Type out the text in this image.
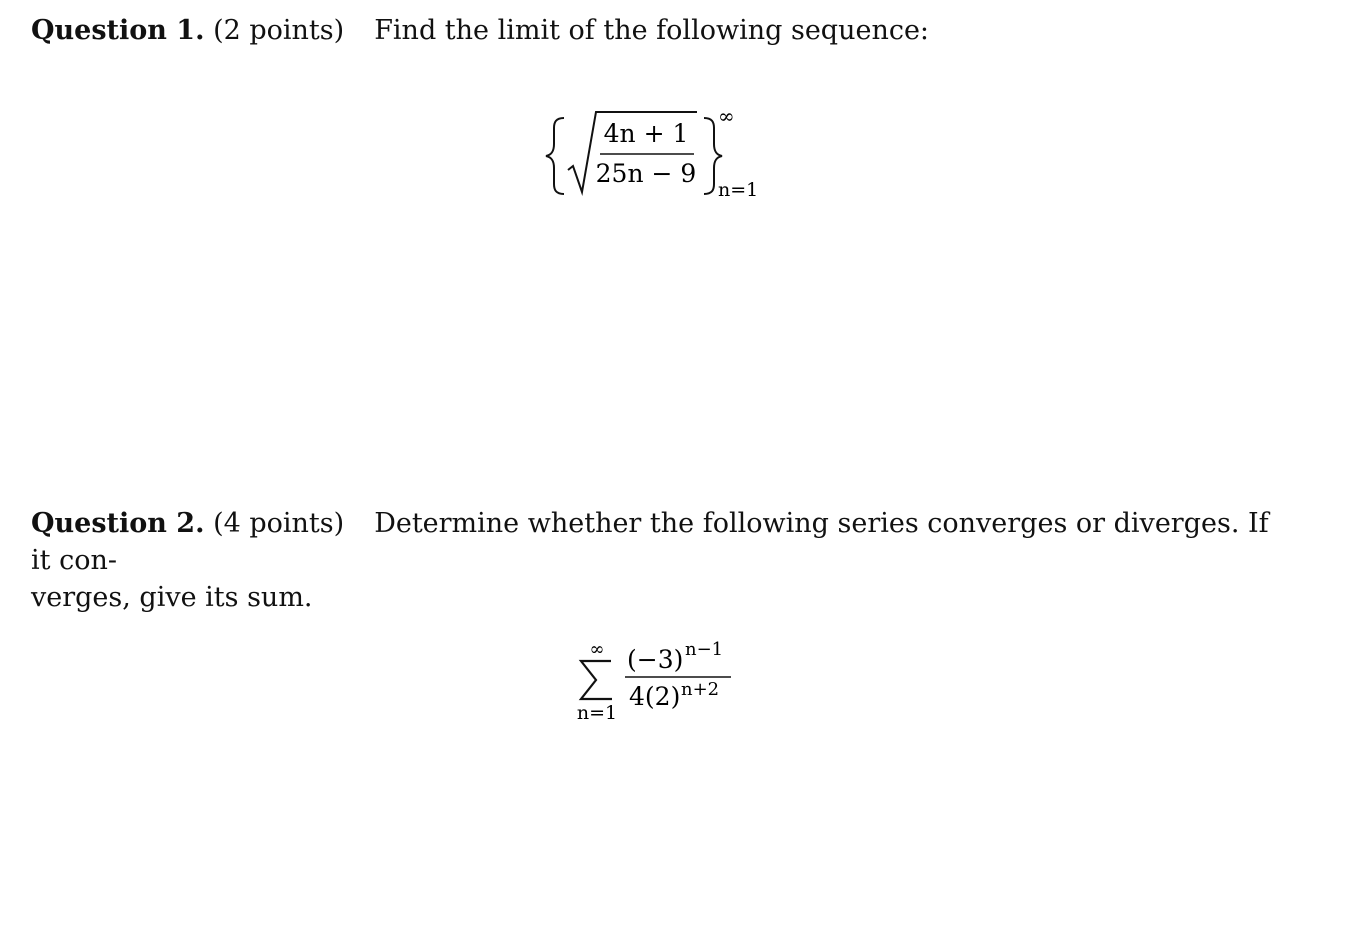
Question 1. (2 points) Find the limit of the following sequence:
4n + 1
25n − 9
∞
n=1
Question 2. (4 points) Determine whether the following series converges or diverges. If it con-
verges, give its sum.
∞
n=1
(−3) n−1
4(2) n+2
